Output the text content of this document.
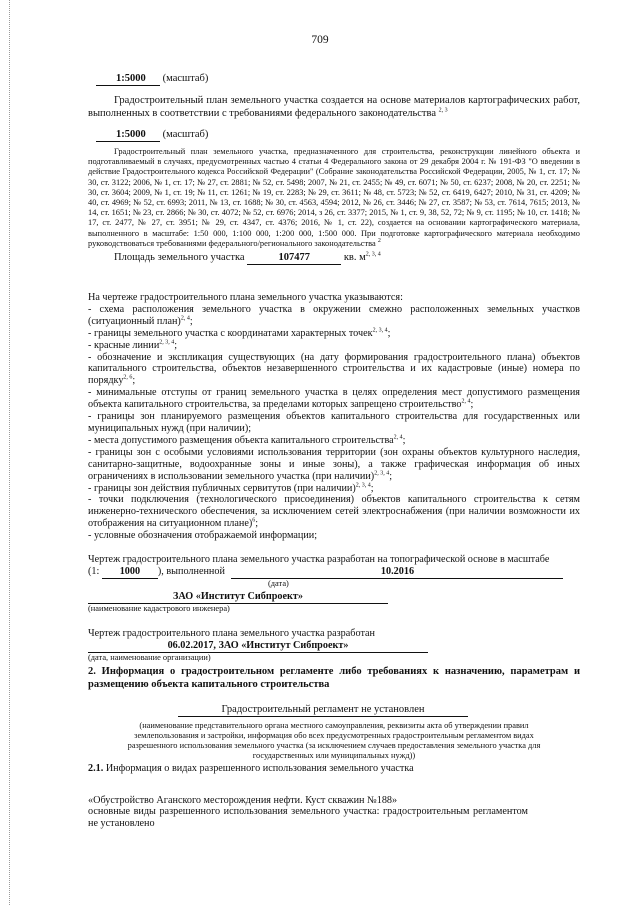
709
1:5000 (масштаб)

Градостроительный план земельного участка создается на основе материалов картографических работ, выполненных в соответствии с требованиями федерального законодательства $^{2, 3}$

1:5000 (масштаб)

Градостроительный план земельного участка, предназначенного для строительства, реконструкции линейного объекта и подготавливаемый в случаях, предусмотренных частью 4 статьи 4 Федерального закона от 29 декабря 2004 г. № 191-ФЗ "О введении в действие Градостроительного кодекса Российской Федерации" (Собрание законодательства Российской Федерации, 2005, № 1, ст. 17; № 30, ст. 3122; 2006, № 1, ст. 17; № 27, ст. 2881; № 52, ст. 5498; 2007, № 21, ст. 2455; № 49, ст. 6071; № 50, ст. 6237; 2008, № 20, ст. 2251; № 30, ст. 3604; 2009, № 1, ст. 19; № 11, ст. 1261; № 19, ст. 2283; № 29, ст. 3611; № 48, ст. 5723; № 52, ст. 6419, 6427; 2010, № 31, ст. 4209; № 40, ст. 4969; № 52, ст. 6993; 2011, № 13, ст. 1688; № 30, ст. 4563, 4594; 2012, № 26, ст. 3446; № 27, ст. 3587; № 53, ст. 7614, 7615; 2013, № 14, ст. 1651; № 23, ст. 2866; № 30, ст. 4072; № 52, ст. 6976; 2014, з 26, ст. 3377; 2015, № 1, ст. 9, 38, 52, 72; № 9, ст. 1195; № 10, ст. 1418; № 17, ст. 2477, № 27, ст. 3951; № 29, ст. 4347, ст. 4376; 2016, № 1, ст. 22), создается на основании картографического материала, выполненного в масштабе: 1:50 000, 1:100 000, 1:200 000, 1:500 000. При подготовке картографического материала необходимо руководствоваться требованиями федерального/регионального законодательства $^2$

Площадь земельного участка	107477	кв. $м^{2, 3, 4}$
На чертеже градостроительного плана земельного участка указываются:
- схема расположения земельного участка в окружении смежно расположенных земельных участков (ситуационный план)$^{2, 4}$;
- границы земельного участка с координатами характерных точек$^{2, 3, 4}$;
- красные линии$^{2, 3, 4}$;
- обозначение и экспликация существующих (на дату формирования градостроительного плана) объектов капитального строительства, объектов незавершенного строительства и их кадастровые (иные) номера по порядку$^{2, 6}$;
- минимальные отступы от границ земельного участка в целях определения мест допустимого размещения объекта капитального строительства, за пределами которых запрещено строительство$^{2, 4}$;
- границы зон планируемого размещения объектов капитального строительства для государственных или муниципальных нужд (при наличии);
- места допустимого размещения объекта капитального строительства$^{2, 4}$;
- границы зон с особыми условиями использования территории (зон охраны объектов культурного наследия, санитарно-защитные, водоохранные зоны и иные зоны), а также графическая информация об иных ограничениях в использовании земельного участка (при наличии)$^{2, 3, 4}$;
- границы зон действия публичных сервитутов (при наличии)$^{2, 3, 4}$;
- точки подключения (технологического присоединения) объектов капитального строительства к сетям инженерно-технического обеспечения, за исключением сетей электроснабжения (при наличии возможности их отображения на ситуационном плане)$^6$;
- условные обозначения отображаемой информации;
Чертеж градостроительного плана земельного участка разработан на топографической основе в масштабе
(1: 1000 ), выполненной	10.2016
(дата)
ЗАО «Институт Сибпроект»
(наименование кадастрового инженера)
Чертеж градостроительного плана земельного участка разработан
06.02.2017, ЗАО «Институт Сибпроект»
(дата, наименование организации)

2. Информация о градостроительном регламенте либо требованиях к назначению, параметрам и размещению объекта капитального строительства

Градостроительный регламент не установлен

(наименование представительного органа местного самоуправления, реквизиты акта об утверждении правил землепользования и застройки, информация обо всех предусмотренных градостроительным регламентом видах разрешенного использования земельного участка (за исключением случаев предоставления земельного участка для государственных или муниципальных нужд))
2.1. Информация о видах разрешенного использования земельного участка
«Обустройство Аганского месторождения нефти. Куст скважин №188»
основные виды разрешенного использования земельного участка: градостроительным регламентом не установлено
